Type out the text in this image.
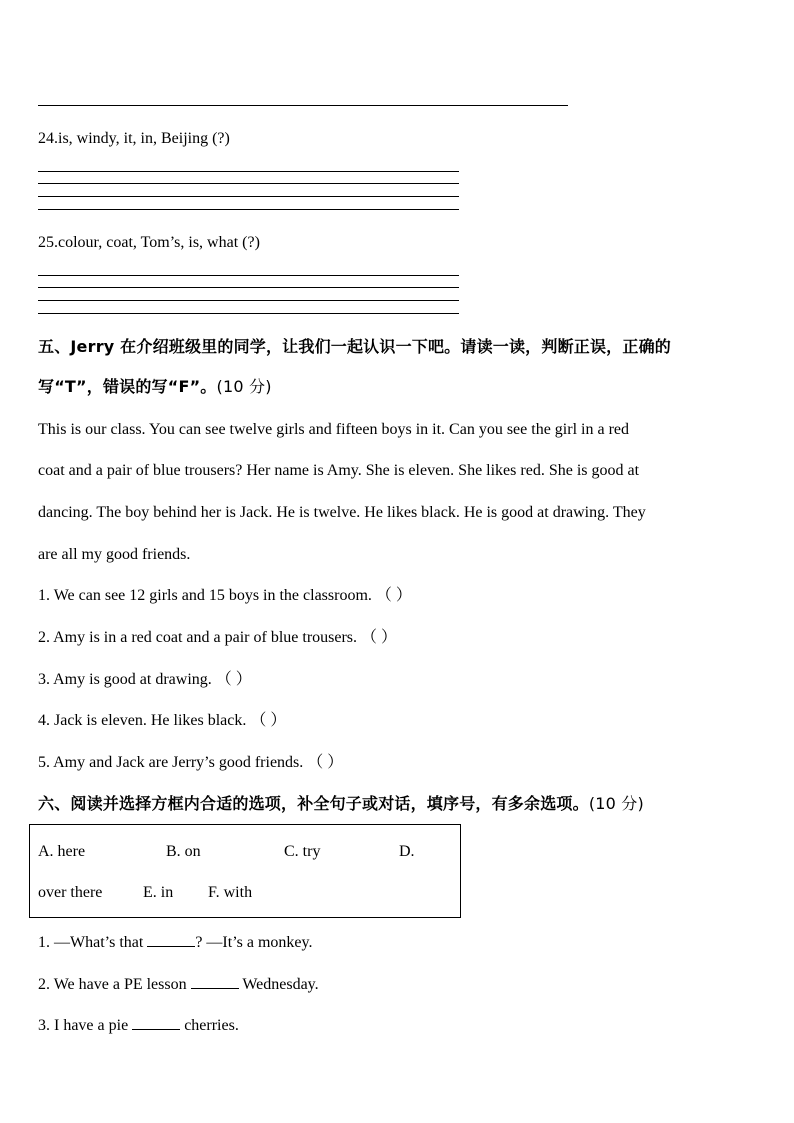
24.is, windy, it, in, Beijing (?)
25.colour, coat, Tom’s, is, what (?)
五、Jerry 在介绍班级里的同学，让我们一起认识一下吧。请读一读，判断正误，正确的
写“T”，错误的写“F”。(10 分)
This is our class. You can see twelve girls and fifteen boys in it. Can you see the girl in a red
coat and a pair of blue trousers? Her name is Amy. She is eleven. She likes red. She is good at
dancing. The boy behind her is Jack. He is twelve. He likes black. He is good at drawing. They
are all my good friends.
1. We can see 12 girls and 15 boys in the classroom. （ ）
2. Amy is in a red coat and a pair of blue trousers. （ ）
3. Amy is good at drawing. （ ）
4. Jack is eleven. He likes black. （ ）
5. Amy and Jack are Jerry’s good friends. （ ）
六、阅读并选择方框内合适的选项，补全句子或对话，填序号，有多余选项。(10 分)
A. here	B. on	C. try	D.
over there	E. in F. with
1. —What’s that	? —It’s a monkey.
2. We have a PE lesson	Wednesday.
3. I have a pie	cherries.
